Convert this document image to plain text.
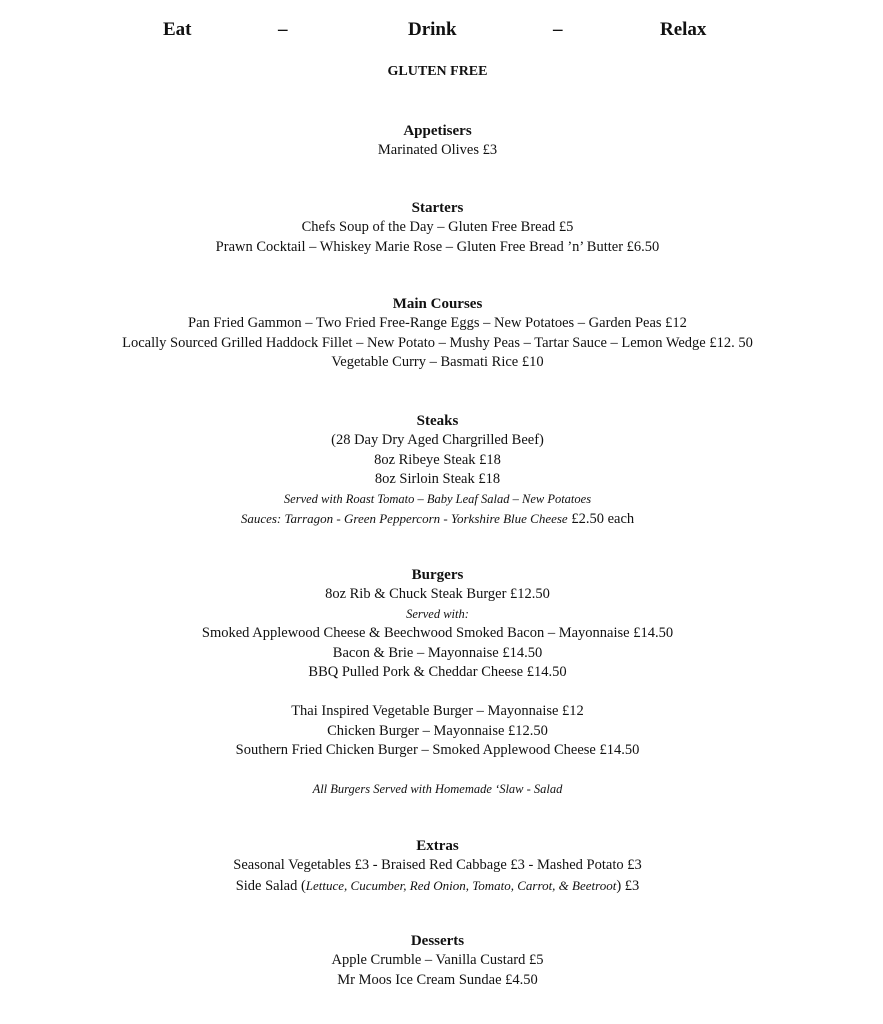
Eat	–	Drink	–	Relax
GLUTEN FREE
Appetisers
Marinated Olives £3
Starters
Chefs Soup of the Day – Gluten Free Bread £5
Prawn Cocktail – Whiskey Marie Rose – Gluten Free Bread ’n’ Butter £6.50
Main Courses
Pan Fried Gammon – Two Fried Free-Range Eggs – New Potatoes – Garden Peas £12
Locally Sourced Grilled Haddock Fillet – New Potato – Mushy Peas – Tartar Sauce – Lemon Wedge £12. 50
Vegetable Curry – Basmati Rice £10
Steaks
(28 Day Dry Aged Chargrilled Beef)
8oz Ribeye Steak £18
8oz Sirloin Steak £18
Served with Roast Tomato – Baby Leaf Salad – New Potatoes
Sauces: Tarragon - Green Peppercorn - Yorkshire Blue Cheese £2.50 each
Burgers
8oz Rib & Chuck Steak Burger £12.50
Served with:
Smoked Applewood Cheese & Beechwood Smoked Bacon – Mayonnaise £14.50
Bacon & Brie – Mayonnaise £14.50
BBQ Pulled Pork & Cheddar Cheese £14.50
Thai Inspired Vegetable Burger – Mayonnaise £12
Chicken Burger – Mayonnaise £12.50
Southern Fried Chicken Burger – Smoked Applewood Cheese £14.50
All Burgers Served with Homemade ‘Slaw - Salad
Extras
Seasonal Vegetables £3 - Braised Red Cabbage £3 - Mashed Potato £3
Side Salad (Lettuce, Cucumber, Red Onion, Tomato, Carrot, & Beetroot) £3
Desserts
Apple Crumble – Vanilla Custard £5
Mr Moos Ice Cream Sundae £4.50
